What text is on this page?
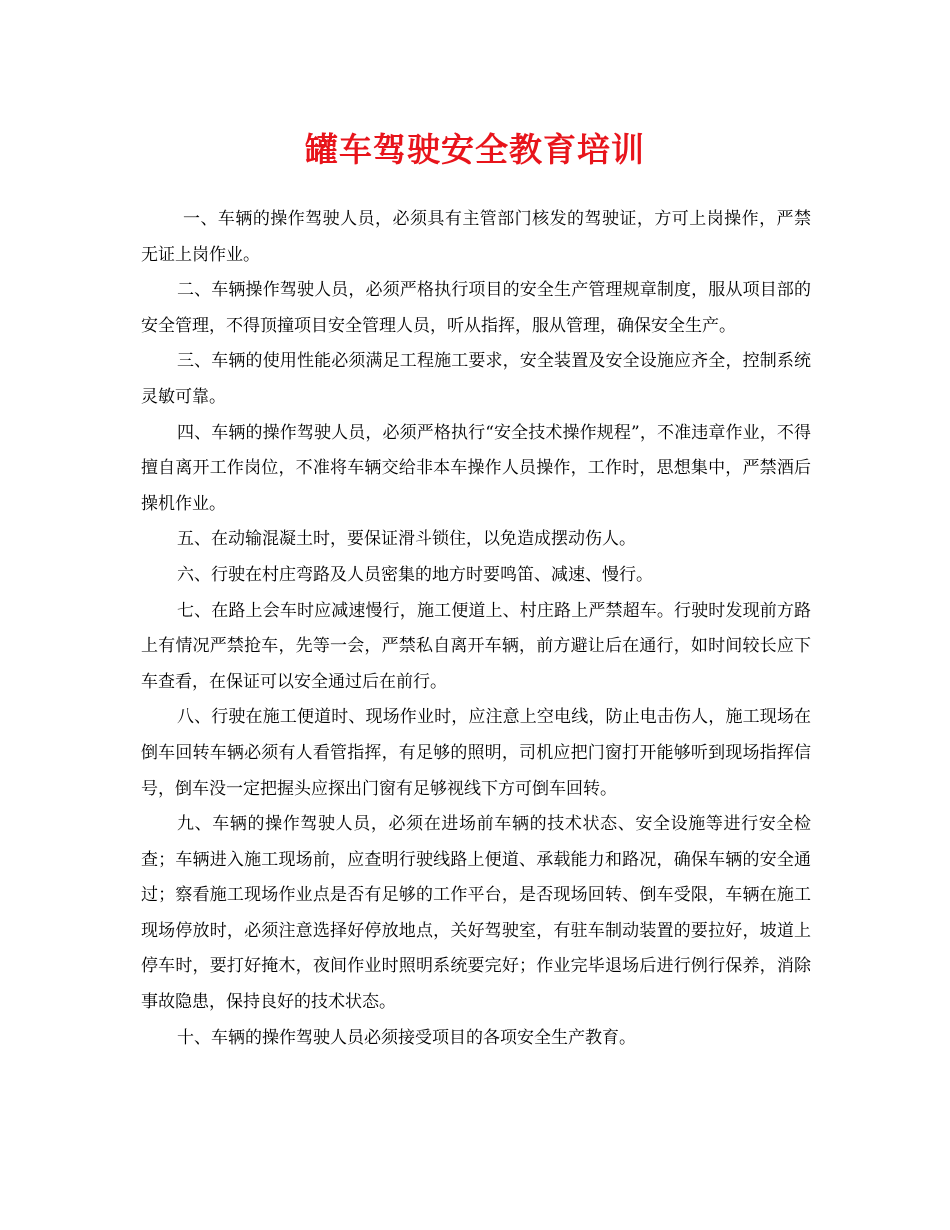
罐车驾驶安全教育培训

一、车辆的操作驾驶人员，必须具有主管部门核发的驾驶证，方可上岗操作，严禁无证上岗作业。

二、车辆操作驾驶人员，必须严格执行项目的安全生产管理规章制度，服从项目部的安全管理，不得顶撞项目安全管理人员，听从指挥，服从管理，确保安全生产。

三、车辆的使用性能必须满足工程施工要求，安全装置及安全设施应齐全，控制系统灵敏可靠。

四、车辆的操作驾驶人员，必须严格执行“安全技术操作规程”，不准违章作业，不得擅自离开工作岗位，不准将车辆交给非本车操作人员操作，工作时，思想集中，严禁酒后操机作业。

五、在动输混凝土时，要保证滑斗锁住，以免造成摆动伤人。

六、行驶在村庄弯路及人员密集的地方时要鸣笛、减速、慢行。

七、在路上会车时应减速慢行，施工便道上、村庄路上严禁超车。行驶时发现前方路上有情况严禁抢车，先等一会，严禁私自离开车辆，前方避让后在通行，如时间较长应下车查看，在保证可以安全通过后在前行。

八、行驶在施工便道时、现场作业时，应注意上空电线，防止电击伤人，施工现场在倒车回转车辆必须有人看管指挥，有足够的照明，司机应把门窗打开能够听到现场指挥信号，倒车没一定把握头应探出门窗有足够视线下方可倒车回转。

九、车辆的操作驾驶人员，必须在进场前车辆的技术状态、安全设施等进行安全检查；车辆进入施工现场前，应查明行驶线路上便道、承载能力和路况，确保车辆的安全通过；察看施工现场作业点是否有足够的工作平台，是否现场回转、倒车受限，车辆在施工现场停放时，必须注意选择好停放地点，关好驾驶室，有驻车制动装置的要拉好，坡道上停车时，要打好掩木，夜间作业时照明系统要完好；作业完毕退场后进行例行保养，消除事故隐患，保持良好的技术状态。

十、车辆的操作驾驶人员必须接受项目的各项安全生产教育。
